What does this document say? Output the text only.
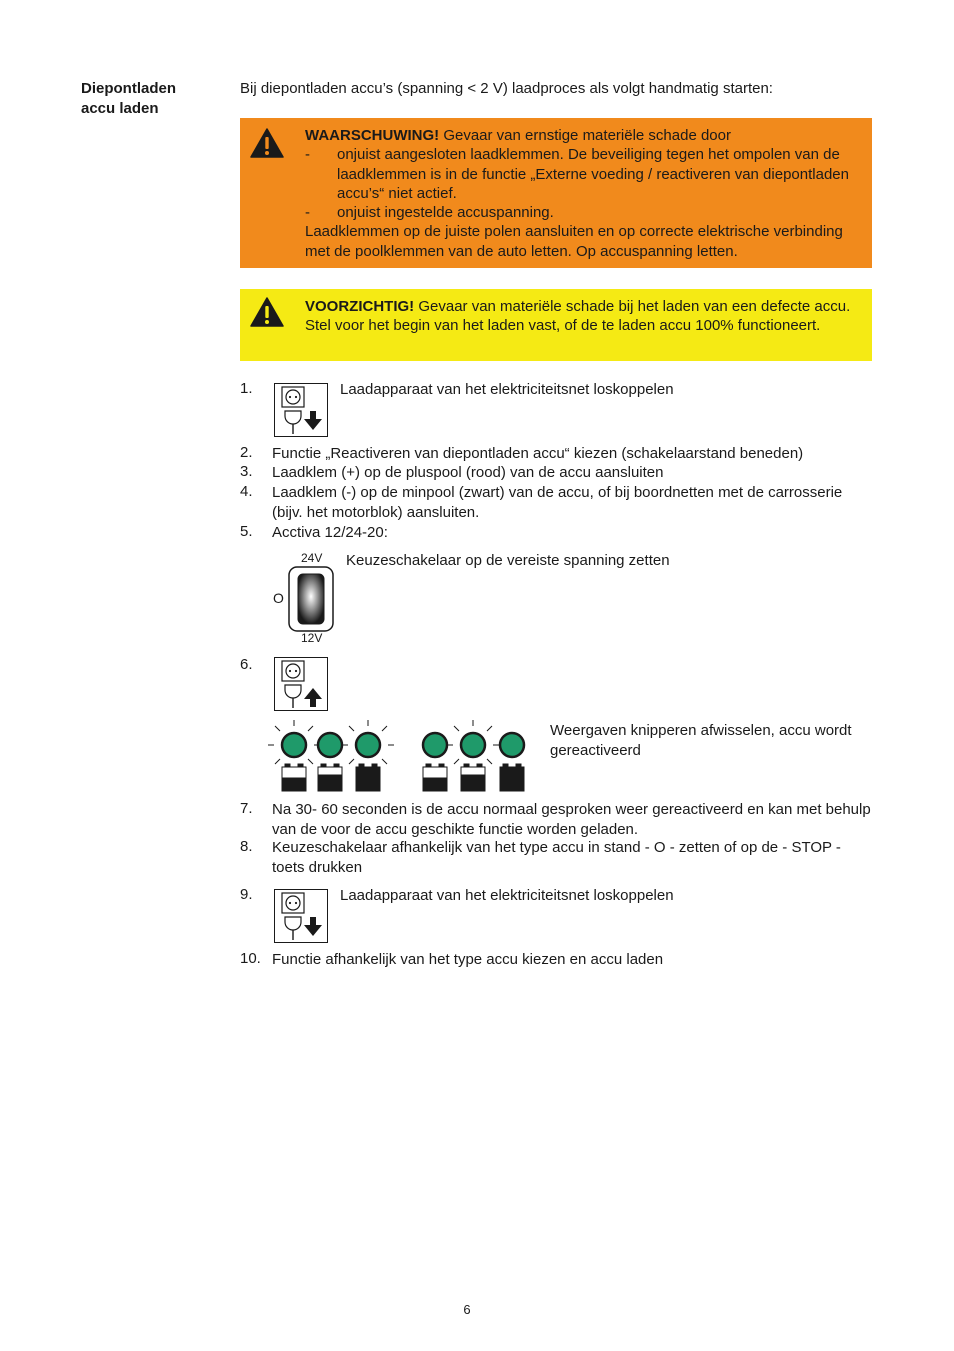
Diepontladen
accu laden
Bij diepontladen accu’s (spanning < 2 V) laadproces als volgt handmatig starten:
WAARSCHUWING! Gevaar van ernstige materiële schade door
- onjuist aangesloten laadklemmen. De beveiliging tegen het ompolen van de laadklemmen is in de functie „Externe voeding / reactiveren van diepontladen accu’s“ niet actief.
- onjuist ingestelde accuspanning.
Laadklemmen op de juiste polen aansluiten en op correcte elektrische verbinding met de poolklemmen van de auto letten. Op accuspanning letten.
VOORZICHTIG! Gevaar van materiële schade bij het laden van een defecte accu. Stel voor het begin van het laden vast, of de te laden accu 100% functioneert.
1.	Laadapparaat van het elektriciteitsnet loskoppelen
2.	Functie „Reactiveren van diepontladen accu“ kiezen (schakelaarstand beneden)
3.	Laadklem (+) op de pluspool (rood) van de accu aansluiten
4.	Laadklem (-) op de minpool (zwart) van de accu, of bij boordnetten met de carrosserie (bijv. het motorblok) aansluiten.
5.	Acctiva 12/24-20:
24V
O
12V
Keuzeschakelaar op de vereiste spanning zetten
6.
Weergaven knipperen afwisselen, accu wordt gereactiveerd
7.	Na 30- 60 seconden is de accu normaal gesproken weer gereactiveerd en kan met behulp van de voor de accu geschikte functie worden geladen.
8.	Keuzeschakelaar afhankelijk van het type accu in stand - O - zetten of op de - STOP - toets drukken
9.	Laadapparaat van het elektriciteitsnet loskoppelen
10. Functie afhankelijk van het type accu kiezen en accu laden
6
